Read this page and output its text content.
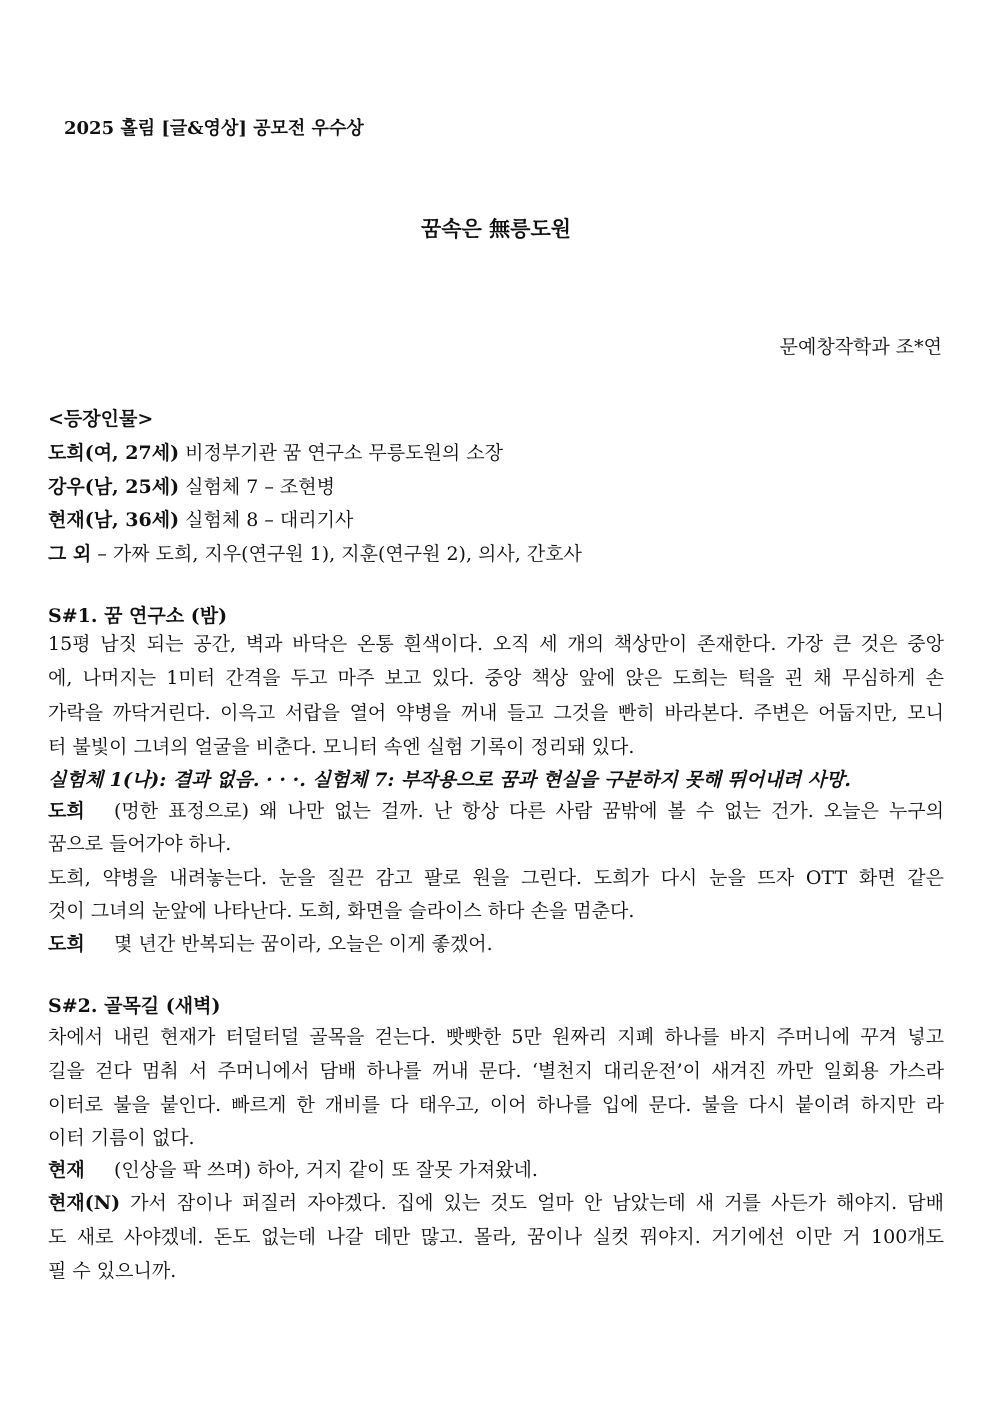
2025 홀림 [글&영상] 공모전 우수상
꿈속은 無릉도원
문예창작학과 조*연
<등장인물>
도희(여, 27세) 비정부기관 꿈 연구소 무릉도원의 소장
강우(남, 25세) 실험체 7 – 조현병
현재(남, 36세) 실험체 8 – 대리기사
그 외 – 가짜 도희, 지우(연구원 1), 지훈(연구원 2), 의사, 간호사
S#1. 꿈 연구소 (밤)
15평 남짓 되는 공간, 벽과 바닥은 온통 흰색이다. 오직 세 개의 책상만이 존재한다. 가장 큰 것은 중앙
에, 나머지는 1미터 간격을 두고 마주 보고 있다. 중앙 책상 앞에 앉은 도희는 턱을 괸 채 무심하게 손
가락을 까닥거린다. 이윽고 서랍을 열어 약병을 꺼내 들고 그것을 빤히 바라본다. 주변은 어둡지만, 모니
터 불빛이 그녀의 얼굴을 비춘다. 모니터 속엔 실험 기록이 정리돼 있다.
실험체 1(나): 결과 없음. · · ·. 실험체 7: 부작용으로 꿈과 현실을 구분하지 못해 뛰어내려 사망.
도희 (멍한 표정으로) 왜 나만 없는 걸까. 난 항상 다른 사람 꿈밖에 볼 수 없는 건가. 오늘은 누구의
꿈으로 들어가야 하나.
도희, 약병을 내려놓는다. 눈을 질끈 감고 팔로 원을 그린다. 도희가 다시 눈을 뜨자 OTT 화면 같은
것이 그녀의 눈앞에 나타난다. 도희, 화면을 슬라이스 하다 손을 멈춘다.
도희 몇 년간 반복되는 꿈이라, 오늘은 이게 좋겠어.
S#2. 골목길 (새벽)
차에서 내린 현재가 터덜터덜 골목을 걷는다. 빳빳한 5만 원짜리 지폐 하나를 바지 주머니에 꾸겨 넣고
길을 걷다 멈춰 서 주머니에서 담배 하나를 꺼내 문다. ‘별천지 대리운전’이 새겨진 까만 일회용 가스라
이터로 불을 붙인다. 빠르게 한 개비를 다 태우고, 이어 하나를 입에 문다. 불을 다시 붙이려 하지만 라
이터 기름이 없다.
현재 (인상을 팍 쓰며) 하아, 거지 같이 또 잘못 가져왔네.
현재(N) 가서 잠이나 퍼질러 자야겠다. 집에 있는 것도 얼마 안 남았는데 새 거를 사든가 해야지. 담배
도 새로 사야겠네. 돈도 없는데 나갈 데만 많고. 몰라, 꿈이나 실컷 꿔야지. 거기에선 이만 거 100개도
필 수 있으니까.
